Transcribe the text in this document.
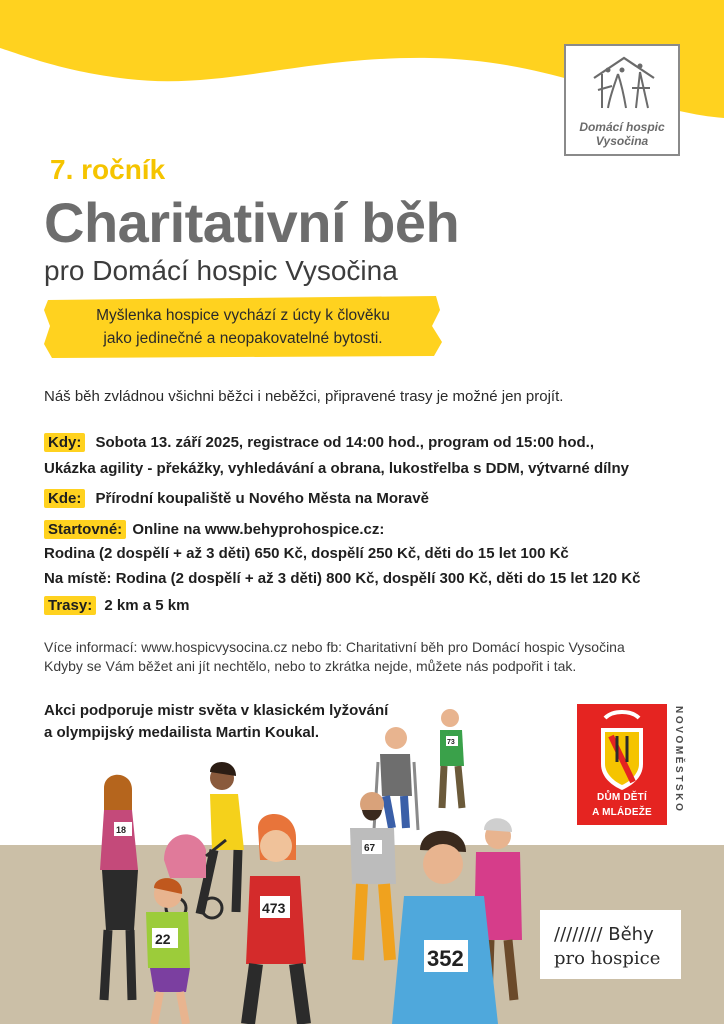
Domácí hospic
Vysočina
7. ročník
Charitativní běh
pro Domácí hospic Vysočina
Myšlenka hospice vychází z úcty k člověku
jako jedinečné a neopakovatelné bytosti.
Náš běh zvládnou všichni běžci i neběžci, připravené trasy je možné jen projít.
Kdy: Sobota 13. září 2025, registrace od 14:00 hod., program od 15:00 hod.,
Ukázka agility - překážky, vyhledávání a obrana, lukostřelba s DDM, výtvarné dílny
Kde: Přírodní koupaliště u Nového Města na Moravě
Startovné: Online na www.behyprohospice.cz:
Rodina (2 dospělí + až 3 děti) 650 Kč, dospělí 250 Kč, děti do 15 let 100 Kč
Na místě: Rodina (2 dospělí + až 3 děti) 800 Kč, dospělí 300 Kč, děti do 15 let 120 Kč
Trasy: 2 km a 5 km
Více informací: www.hospicvysocina.cz nebo fb: Charitativní běh pro Domácí hospic Vysočina
Kdyby se Vám běžet ani jít nechtělo, nebo to zkrátka nejde, můžete nás podpořit i tak.
Akci podporuje mistr světa v klasickém lyžování
a olympijský medailista Martin Koukal.
18
73
67
473
22
352
DŮM DĚTÍ
A MLÁDEŽE	NOVOMĚSTSKO
//////// Běhy
pro hospice
